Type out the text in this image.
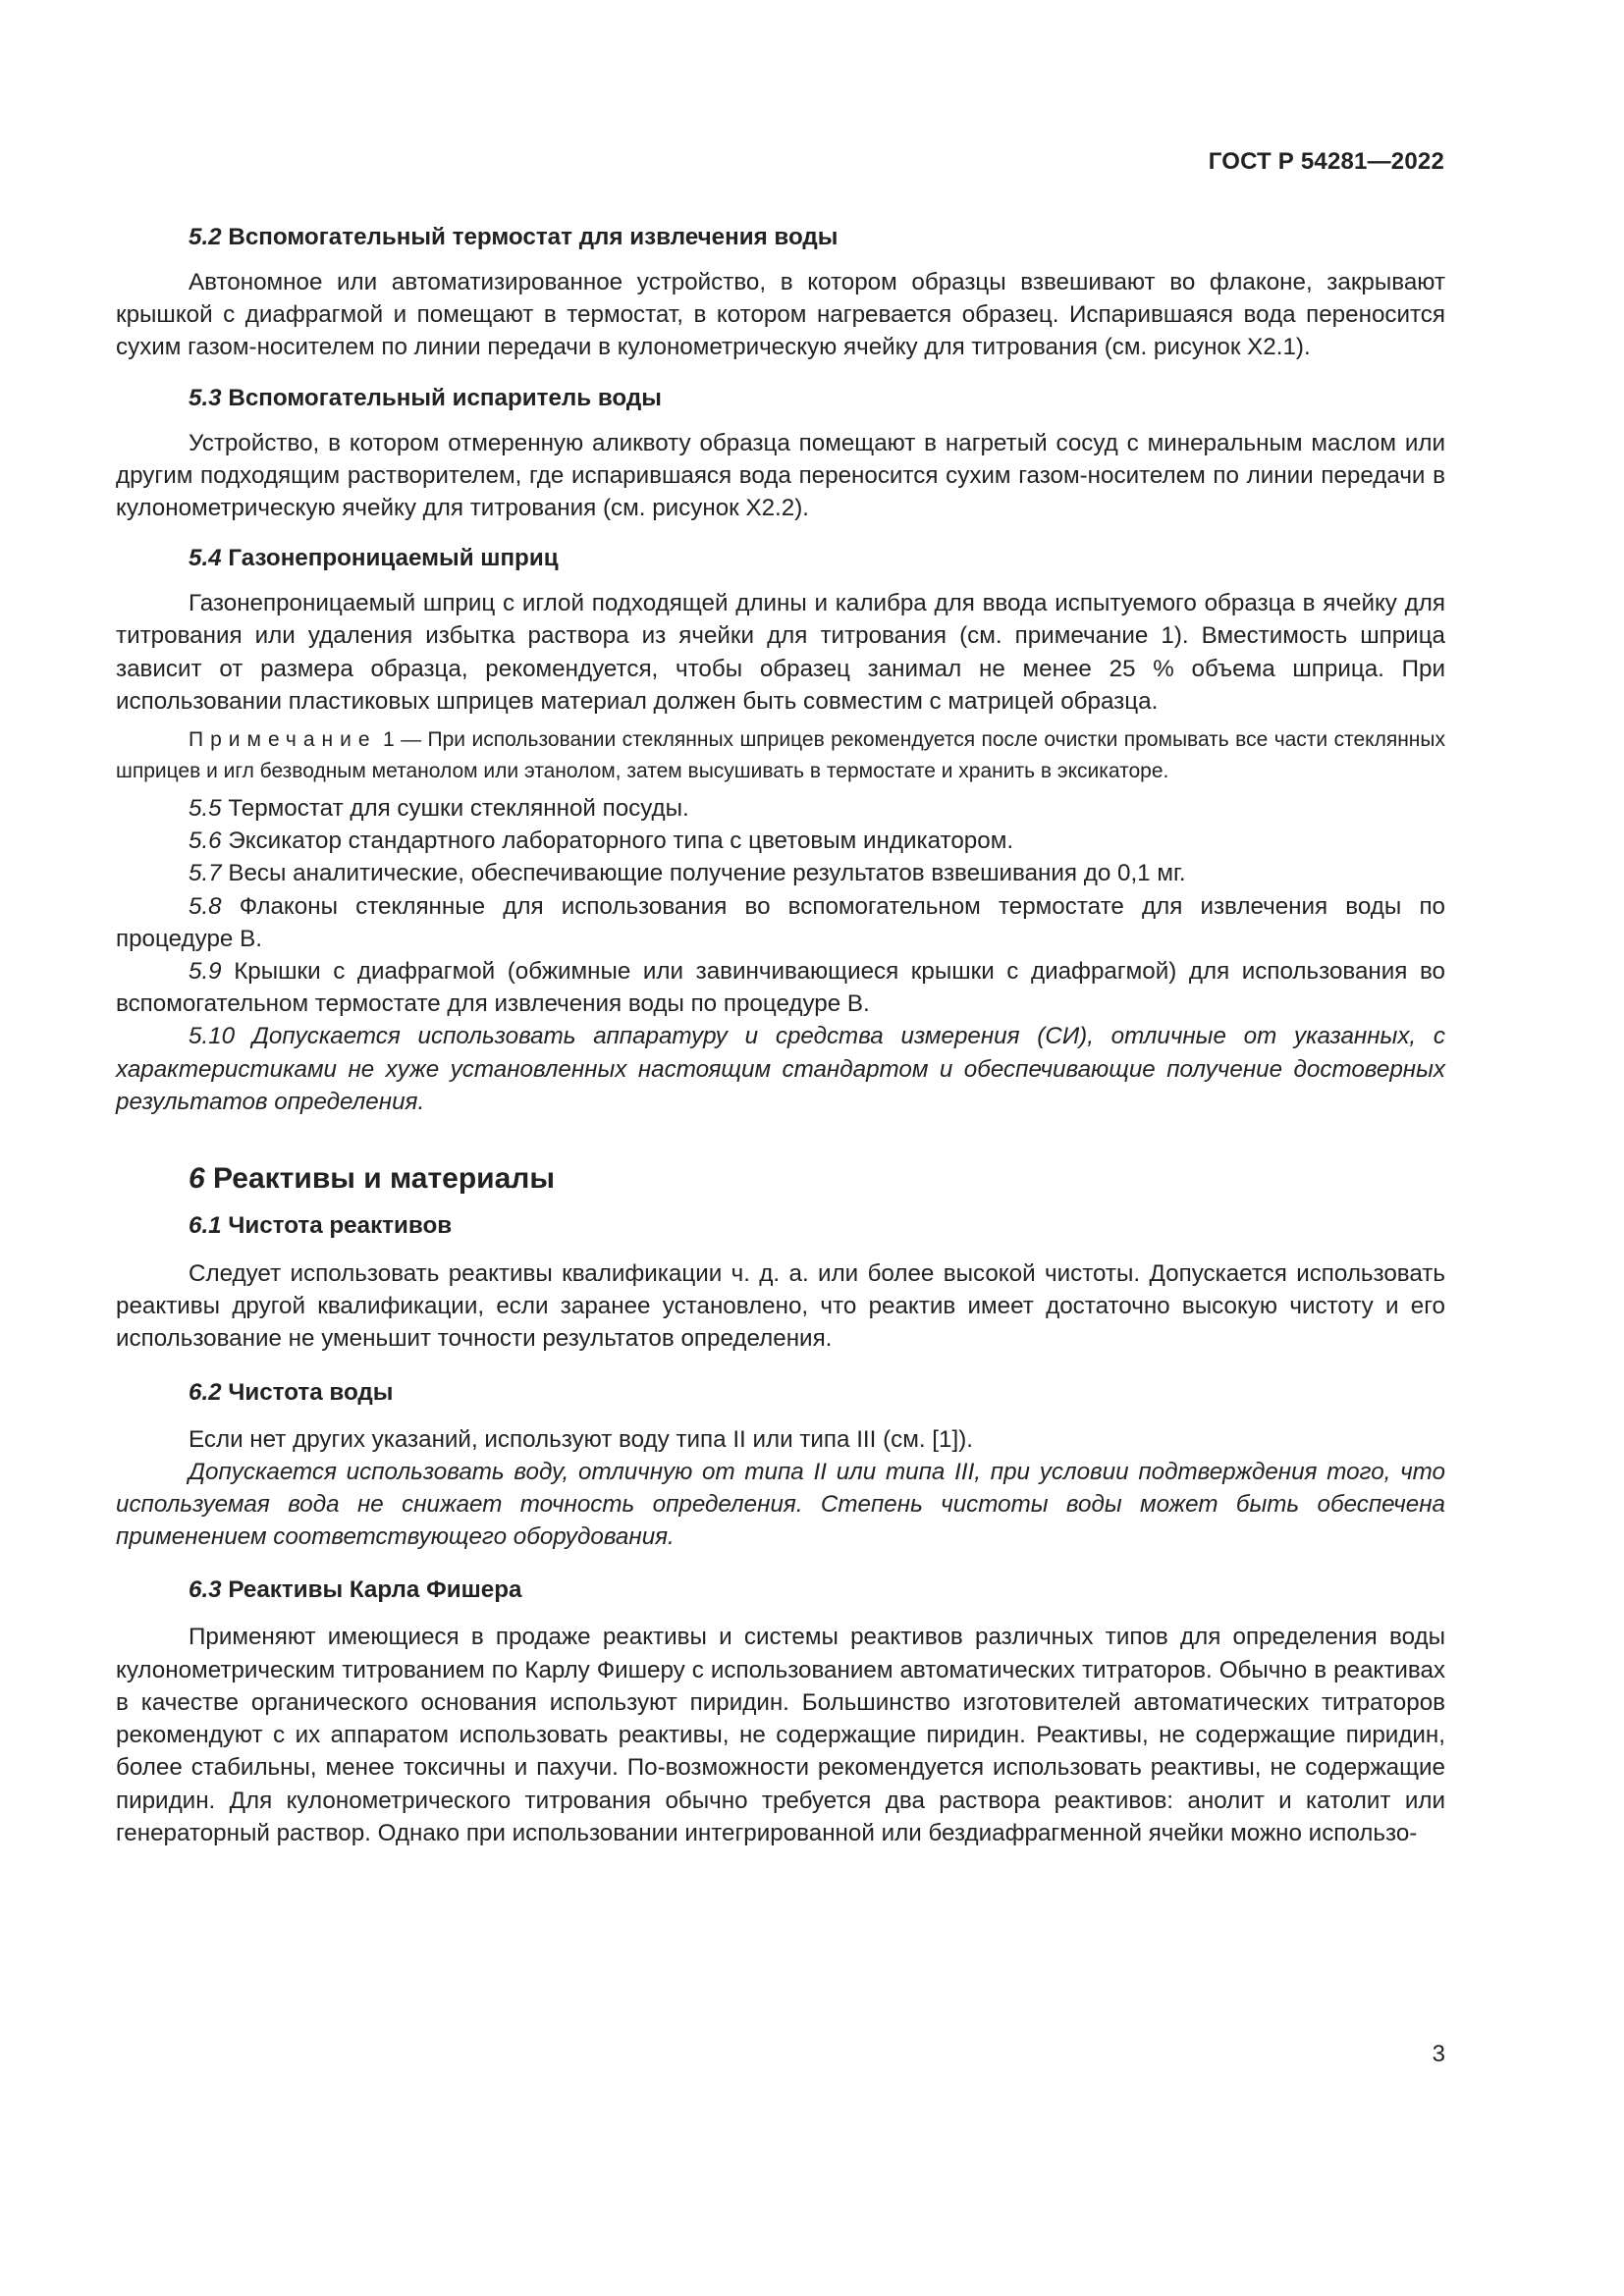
ГОСТ Р 54281—2022
5.2 Вспомогательный термостат для извлечения воды

Автономное или автоматизированное устройство, в котором образцы взвешивают во флаконе, закрывают крышкой с диафрагмой и помещают в термостат, в котором нагревается образец. Испарившаяся вода переносится сухим газом-носителем по линии передачи в кулонометрическую ячейку для титрования (см. рисунок X2.1).

5.3 Вспомогательный испаритель воды

Устройство, в котором отмеренную аликвоту образца помещают в нагретый сосуд с минеральным маслом или другим подходящим растворителем, где испарившаяся вода переносится сухим газом-носителем по линии передачи в кулонометрическую ячейку для титрования (см. рисунок X2.2).

5.4 Газонепроницаемый шприц

Газонепроницаемый шприц с иглой подходящей длины и калибра для ввода испытуемого образца в ячейку для титрования или удаления избытка раствора из ячейки для титрования (см. примечание 1). Вместимость шприца зависит от размера образца, рекомендуется, чтобы образец занимал не менее 25 % объема шприца. При использовании пластиковых шприцев материал должен быть совместим с матрицей образца.

Примечание 1 — При использовании стеклянных шприцев рекомендуется после очистки промывать все части стеклянных шприцев и игл безводным метанолом или этанолом, затем высушивать в термостате и хранить в эксикаторе.

5.5 Термостат для сушки стеклянной посуды.

5.6 Эксикатор стандартного лабораторного типа с цветовым индикатором.

5.7 Весы аналитические, обеспечивающие получение результатов взвешивания до 0,1 мг.

5.8 Флаконы стеклянные для использования во вспомогательном термостате для извлечения воды по процедуре B.

5.9 Крышки с диафрагмой (обжимные или завинчивающиеся крышки с диафрагмой) для использования во вспомогательном термостате для извлечения воды по процедуре B.

5.10 Допускается использовать аппаратуру и средства измерения (СИ), отличные от указанных, с характеристиками не хуже установленных настоящим стандартом и обеспечивающие получение достоверных результатов определения.

6 Реактивы и материалы
6.1 Чистота реактивов

Следует использовать реактивы квалификации ч. д. а. или более высокой чистоты. Допускается использовать реактивы другой квалификации, если заранее установлено, что реактив имеет достаточно высокую чистоту и его использование не уменьшит точности результатов определения.

6.2 Чистота воды

Если нет других указаний, используют воду типа II или типа III (см. [1]).

Допускается использовать воду, отличную от типа II или типа III, при условии подтверждения того, что используемая вода не снижает точность определения. Степень чистоты воды может быть обеспечена применением соответствующего оборудования.

6.3 Реактивы Карла Фишера

Применяют имеющиеся в продаже реактивы и системы реактивов различных типов для определения воды кулонометрическим титрованием по Карлу Фишеру с использованием автоматических титраторов. Обычно в реактивах в качестве органического основания используют пиридин. Большинство изготовителей автоматических титраторов рекомендуют с их аппаратом использовать реактивы, не содержащие пиридин. Реактивы, не содержащие пиридин, более стабильны, менее токсичны и пахучи. По-возможности рекомендуется использовать реактивы, не содержащие пиридин. Для кулонометрического титрования обычно требуется два раствора реактивов: анолит и католит или генераторный раствор. Однако при использовании интегрированной или бездиафрагменной ячейки можно использо-

3
